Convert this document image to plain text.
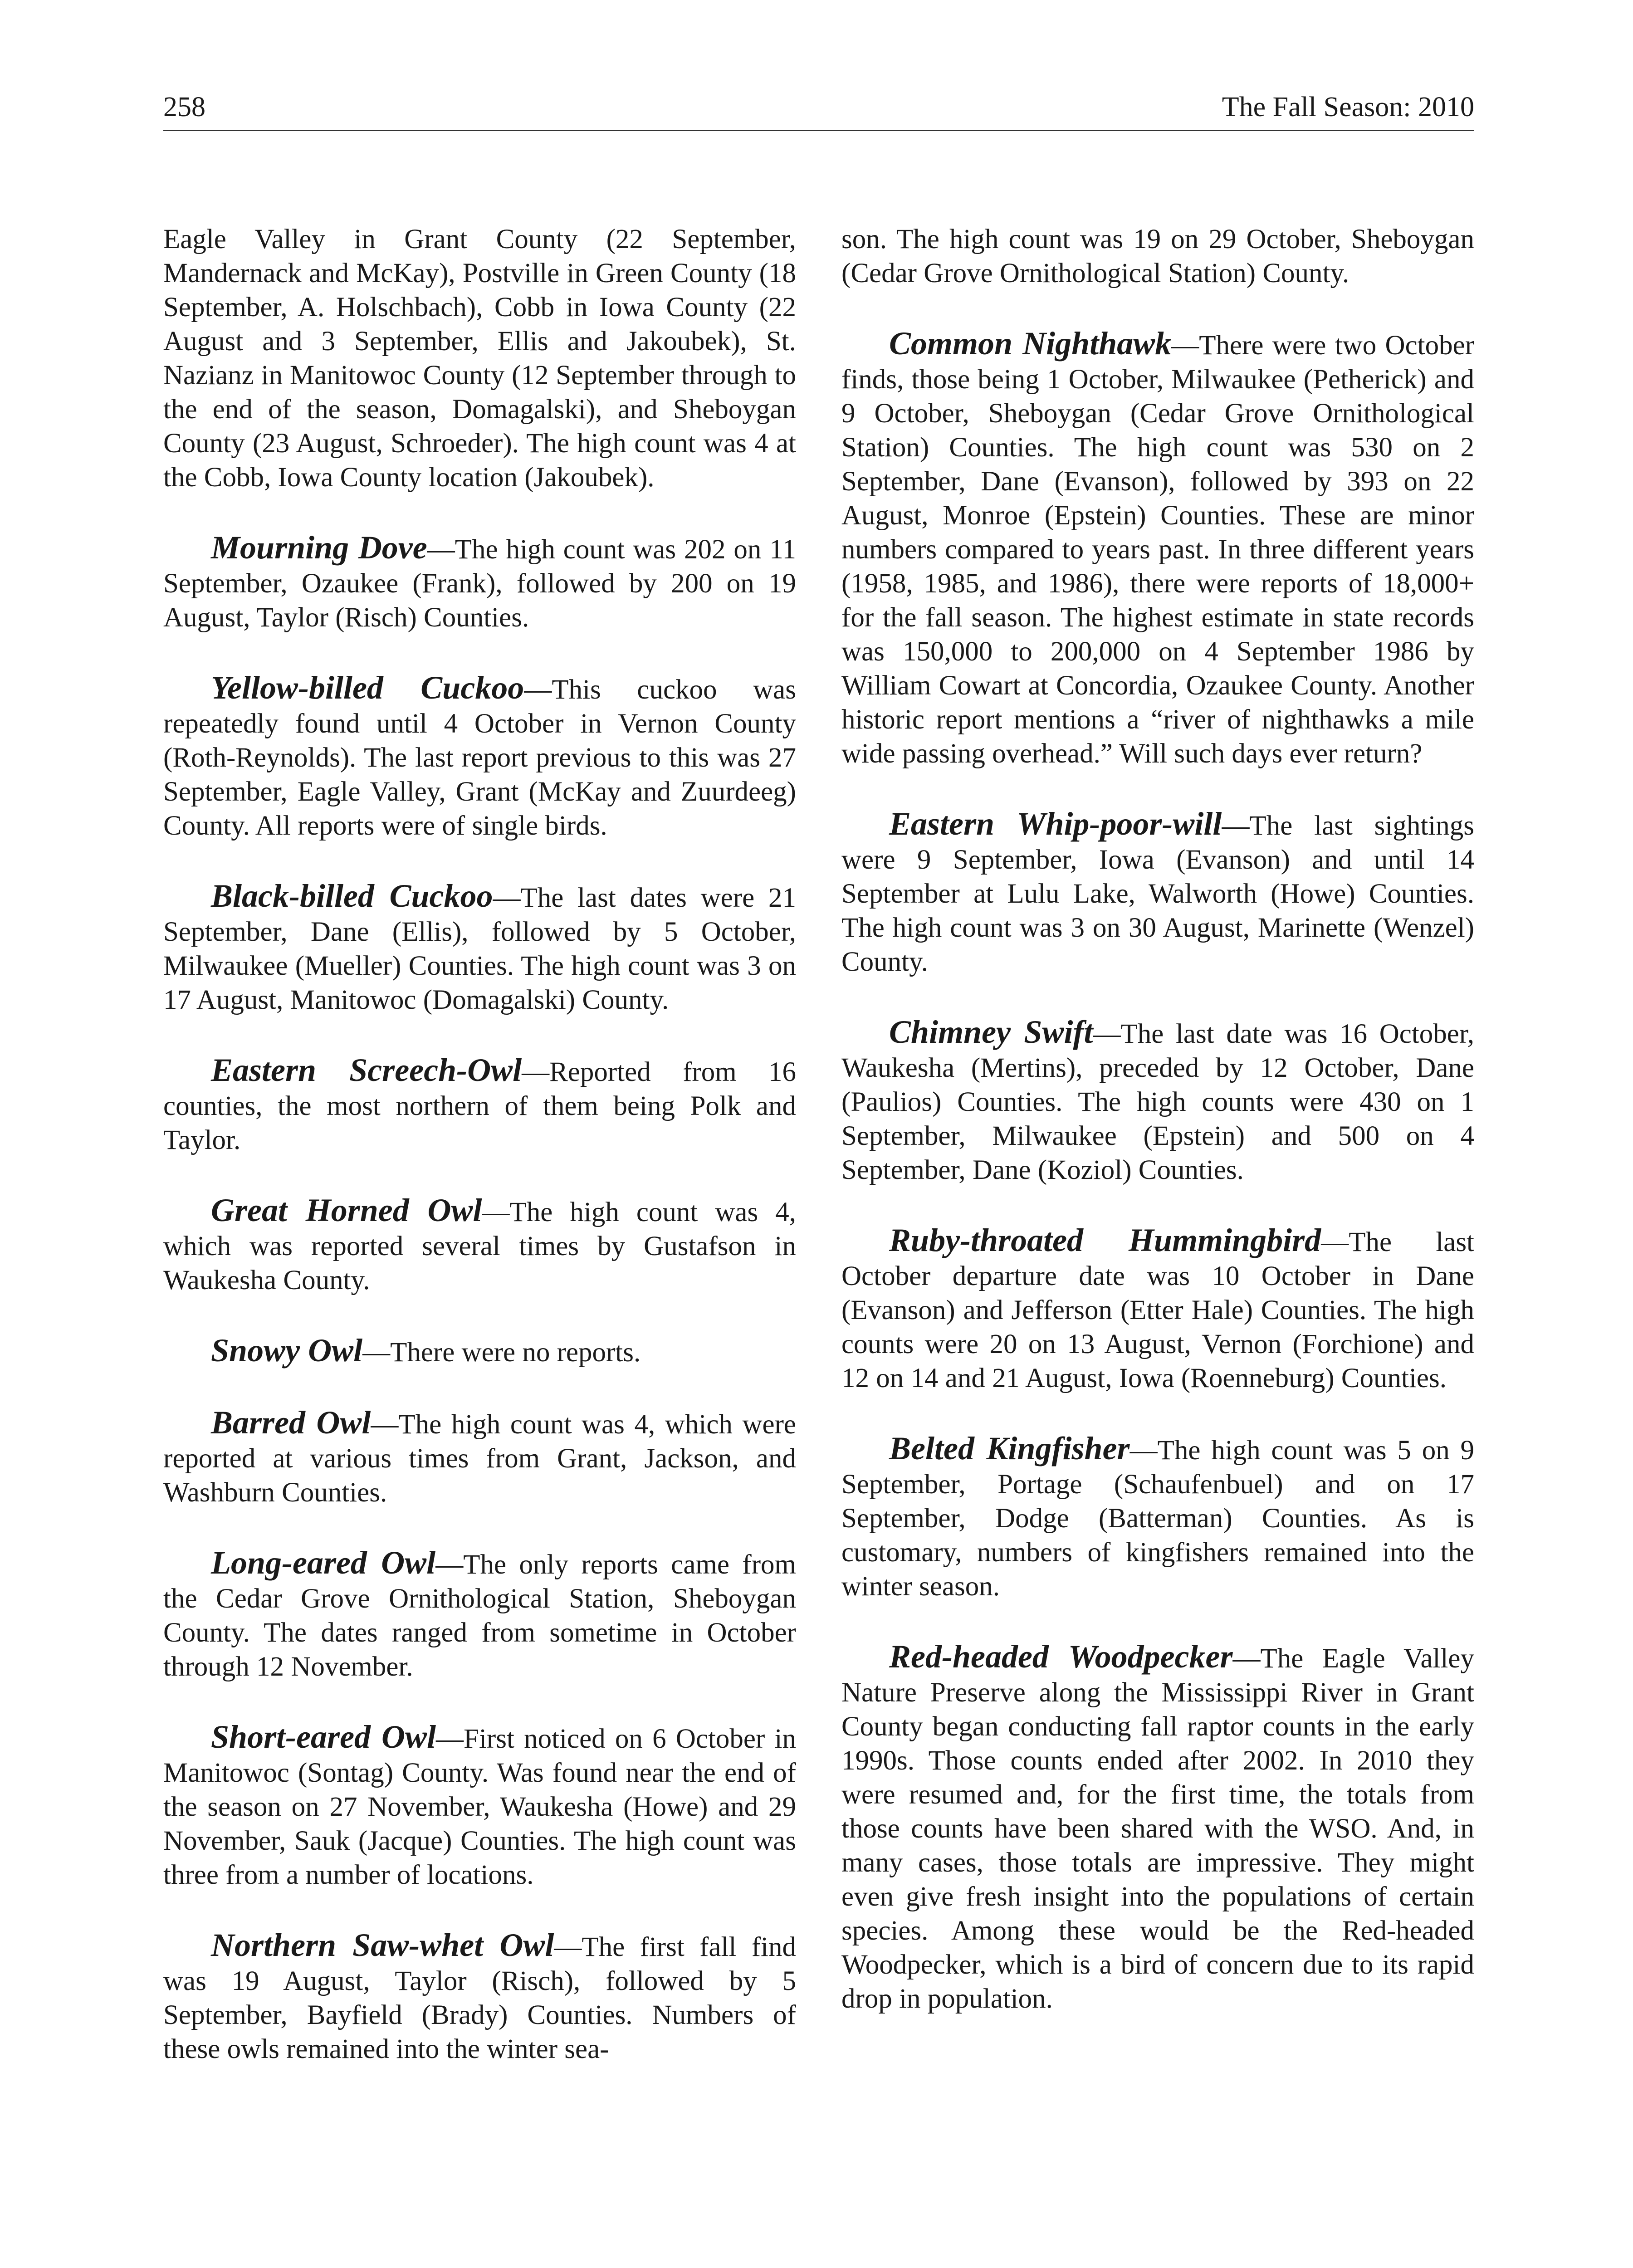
258	The Fall Season: 2010

Eagle Valley in Grant County (22 September, Mandernack and McKay), Postville in Green County (18 September, A. Holschbach), Cobb in Iowa County (22 August and 3 September, Ellis and Jakoubek), St. Nazianz in Manitowoc County (12 September through to the end of the season, Domagalski), and Sheboygan County (23 August, Schroeder). The high count was 4 at the Cobb, Iowa County location (Jakoubek).

Mourning Dove—The high count was 202 on 11 September, Ozaukee (Frank), followed by 200 on 19 August, Taylor (Risch) Counties.

Yellow-billed Cuckoo—This cuckoo was repeatedly found until 4 October in Vernon County (Roth-Reynolds). The last report previous to this was 27 September, Eagle Valley, Grant (McKay and Zuurdeeg) County. All reports were of single birds.

Black-billed Cuckoo—The last dates were 21 September, Dane (Ellis), followed by 5 October, Milwaukee (Mueller) Counties. The high count was 3 on 17 August, Manitowoc (Domagalski) County.

Eastern Screech-Owl—Reported from 16 counties, the most northern of them being Polk and Taylor.

Great Horned Owl—The high count was 4, which was reported several times by Gustafson in Waukesha County.

Snowy Owl—There were no reports.

Barred Owl—The high count was 4, which were reported at various times from Grant, Jackson, and Washburn Counties.

Long-eared Owl—The only reports came from the Cedar Grove Ornithological Station, Sheboygan County. The dates ranged from sometime in October through 12 November.

Short-eared Owl—First noticed on 6 October in Manitowoc (Sontag) County. Was found near the end of the season on 27 November, Waukesha (Howe) and 29 November, Sauk (Jacque) Counties. The high count was three from a number of locations.

Northern Saw-whet Owl—The first fall find was 19 August, Taylor (Risch), followed by 5 September, Bayfield (Brady) Counties. Numbers of these owls remained into the winter sea-

son. The high count was 19 on 29 October, Sheboygan (Cedar Grove Ornithological Station) County.

Common Nighthawk—There were two October finds, those being 1 October, Milwaukee (Petherick) and 9 October, Sheboygan (Cedar Grove Ornithological Station) Counties. The high count was 530 on 2 September, Dane (Evanson), followed by 393 on 22 August, Monroe (Epstein) Counties. These are minor numbers compared to years past. In three different years (1958, 1985, and 1986), there were reports of 18,000+ for the fall season. The highest estimate in state records was 150,000 to 200,000 on 4 September 1986 by William Cowart at Concordia, Ozaukee County. Another historic report mentions a “river of nighthawks a mile wide passing overhead.” Will such days ever return?

Eastern Whip-poor-will—The last sightings were 9 September, Iowa (Evanson) and until 14 September at Lulu Lake, Walworth (Howe) Counties. The high count was 3 on 30 August, Marinette (Wenzel) County.

Chimney Swift—The last date was 16 October, Waukesha (Mertins), preceded by 12 October, Dane (Paulios) Counties. The high counts were 430 on 1 September, Milwaukee (Epstein) and 500 on 4 September, Dane (Koziol) Counties.

Ruby-throated Hummingbird—The last October departure date was 10 October in Dane (Evanson) and Jefferson (Etter Hale) Counties. The high counts were 20 on 13 August, Vernon (Forchione) and 12 on 14 and 21 August, Iowa (Roenneburg) Counties.

Belted Kingfisher—The high count was 5 on 9 September, Portage (Schaufenbuel) and on 17 September, Dodge (Batterman) Counties. As is customary, numbers of kingfishers remained into the winter season.

Red-headed Woodpecker—The Eagle Valley Nature Preserve along the Mississippi River in Grant County began conducting fall raptor counts in the early 1990s. Those counts ended after 2002. In 2010 they were resumed and, for the first time, the totals from those counts have been shared with the WSO. And, in many cases, those totals are impressive. They might even give fresh insight into the populations of certain species. Among these would be the Red-headed Woodpecker, which is a bird of concern due to its rapid drop in population.
